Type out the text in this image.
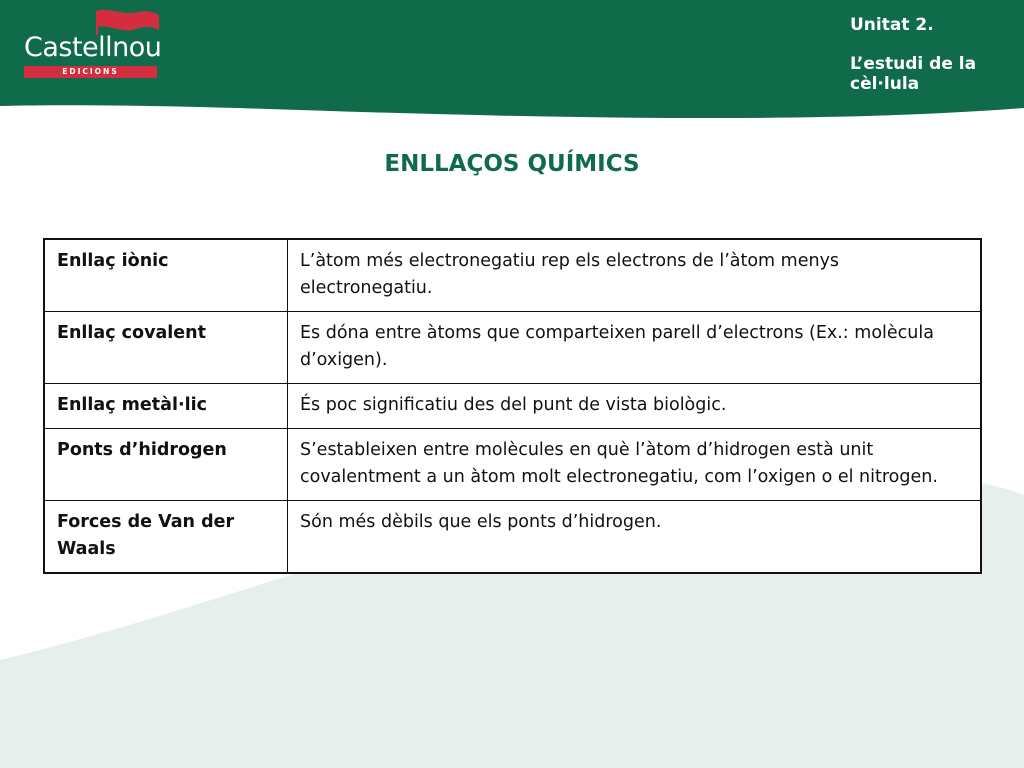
Castellnou
EDICIONS
Unitat 2.
L’estudi de la cèl·lula
ENLLAÇOS QUÍMICS
Enllaç iònic	L’àtom més electronegatiu rep els electrons de l’àtom menys electronegatiu.
Enllaç covalent	Es dóna entre àtoms que comparteixen parell d’electrons (Ex.: molècula d’oxigen).
Enllaç metàl·lic	És poc significatiu des del punt de vista biològic.
Ponts d’hidrogen	S’estableixen entre molècules en què l’àtom d’hidrogen està unit covalentment a un àtom molt electronegatiu, com l’oxigen o el nitrogen.
Forces de Van der Waals	Són més dèbils que els ponts d’hidrogen.
